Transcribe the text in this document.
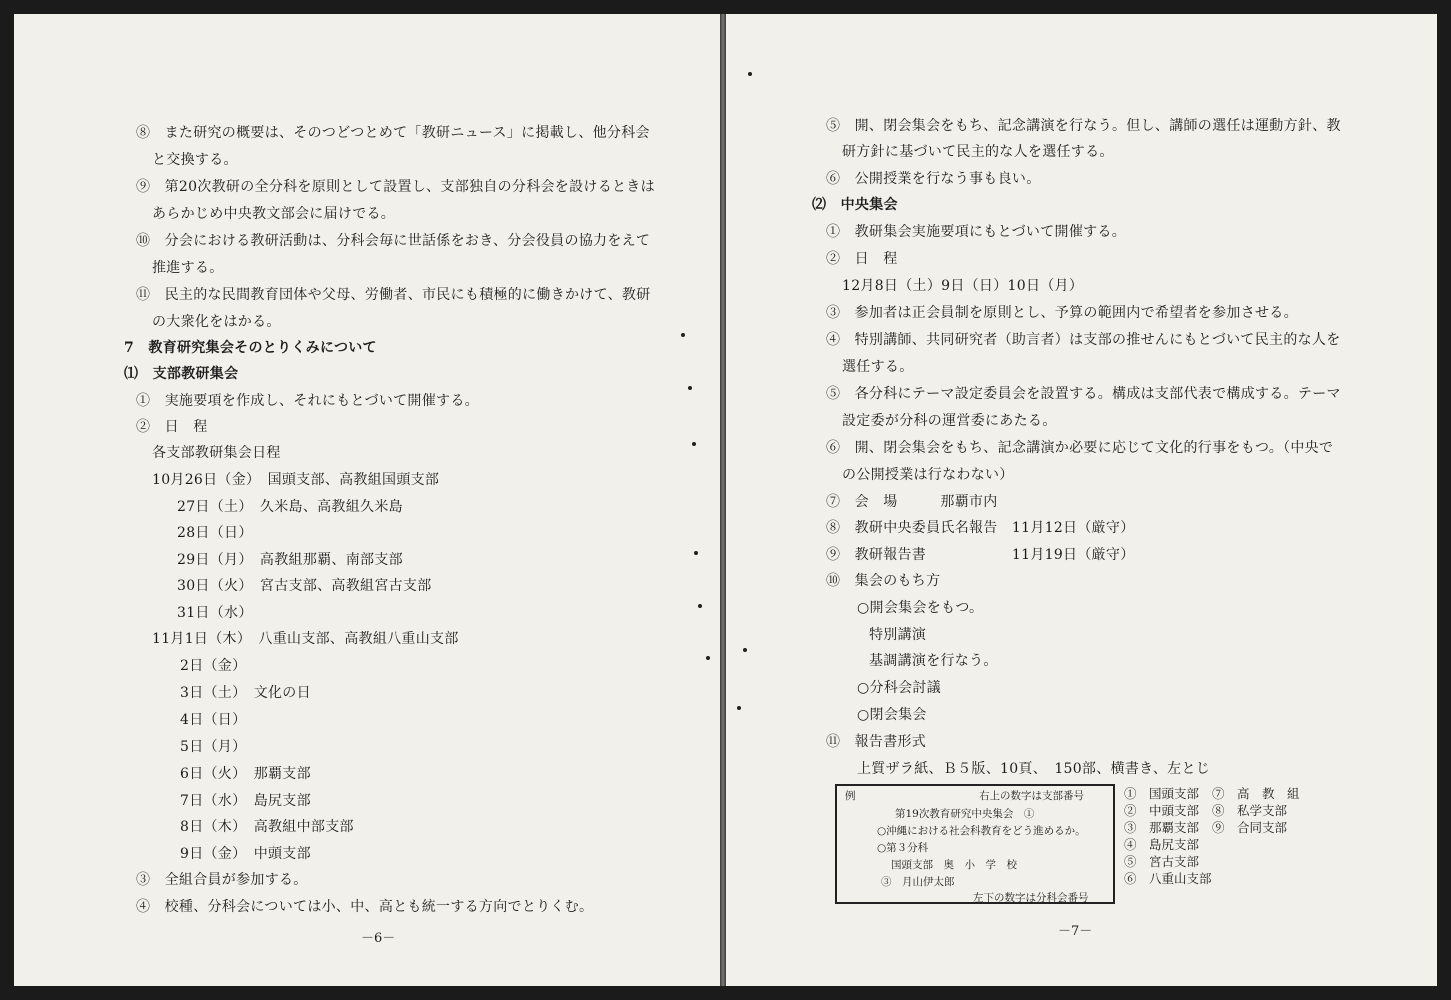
⑧　また研究の概要は、そのつどつとめて「教研ニュース」に掲載し、他分科会
と交換する。
⑨　第20次教研の全分科を原則として設置し、支部独自の分科会を設けるときは
あらかじめ中央教文部会に届けでる。
⑩　分会における教研活動は、分科会毎に世話係をおき、分会役員の協力をえて
推進する。
⑪　民主的な民間教育団体や父母、労働者、市民にも積極的に働きかけて、教研
の大衆化をはかる。
7　教育研究集会そのとりくみについて
⑴　支部教研集会
①　実施要項を作成し、それにもとづいて開催する。
②　日　程
各支部教研集会日程
10月26日（金）　国頭支部、高教組国頭支部
27日（土）　久米島、高教組久米島
28日（日）
29日（月）　高教組那覇、南部支部
30日（火）　宮古支部、高教組宮古支部
31日（水）
11月1日（木）　八重山支部、高教組八重山支部
2日（金）
3日（土）　文化の日
4日（日）
5日（月）
6日（火）　那覇支部
7日（水）　島尻支部
8日（木）　高教組中部支部
9日（金）　中頭支部
③　全組合員が参加する。
④　校種、分科会については小、中、高とも統一する方向でとりくむ。
－6－
⑤　開、閉会集会をもち、記念講演を行なう。但し、講師の選任は運動方針、教
研方針に基づいて民主的な人を選任する。
⑥　公開授業を行なう事も良い。
⑵　中央集会
①　教研集会実施要項にもとづいて開催する。
②　日　程
12月8日（土）9日（日）10日（月）
③　参加者は正会員制を原則とし、予算の範囲内で希望者を参加させる。
④　特別講師、共同研究者（助言者）は支部の推せんにもとづいて民主的な人を
選任する。
⑤　各分科にテーマ設定委員会を設置する。構成は支部代表で構成する。テーマ
設定委が分科の運営委にあたる。
⑥　開、閉会集会をもち、記念講演か必要に応じて文化的行事をもつ。（中央で
の公開授業は行なわない）
⑦　会　場　　　那覇市内
⑧　教研中央委員氏名報告　11月12日（厳守）
⑨　教研報告書　　　　　　11月19日（厳守）
⑩　集会のもち方
○開会集会をもつ。
特別講演
基調講演を行なう。
○分科会討議
○閉会集会
⑪　報告書形式
上質ザラ紙、Ｂ５版、10頁、　150部、横書き、左とじ
例	右上の数字は支部番号
第19次教育研究中央集会　①
○沖縄における社会科教育をどう進めるか。
○第３分科
国頭支部　奥　小　学　校
③　月山伊太郎
左下の数字は分科会番号
①　国頭支部 ⑦　高　教　組
②　中頭支部 ⑧　私学支部
③　那覇支部 ⑨　合同支部
④　島尻支部
⑤　宮古支部
⑥　八重山支部
－7－
